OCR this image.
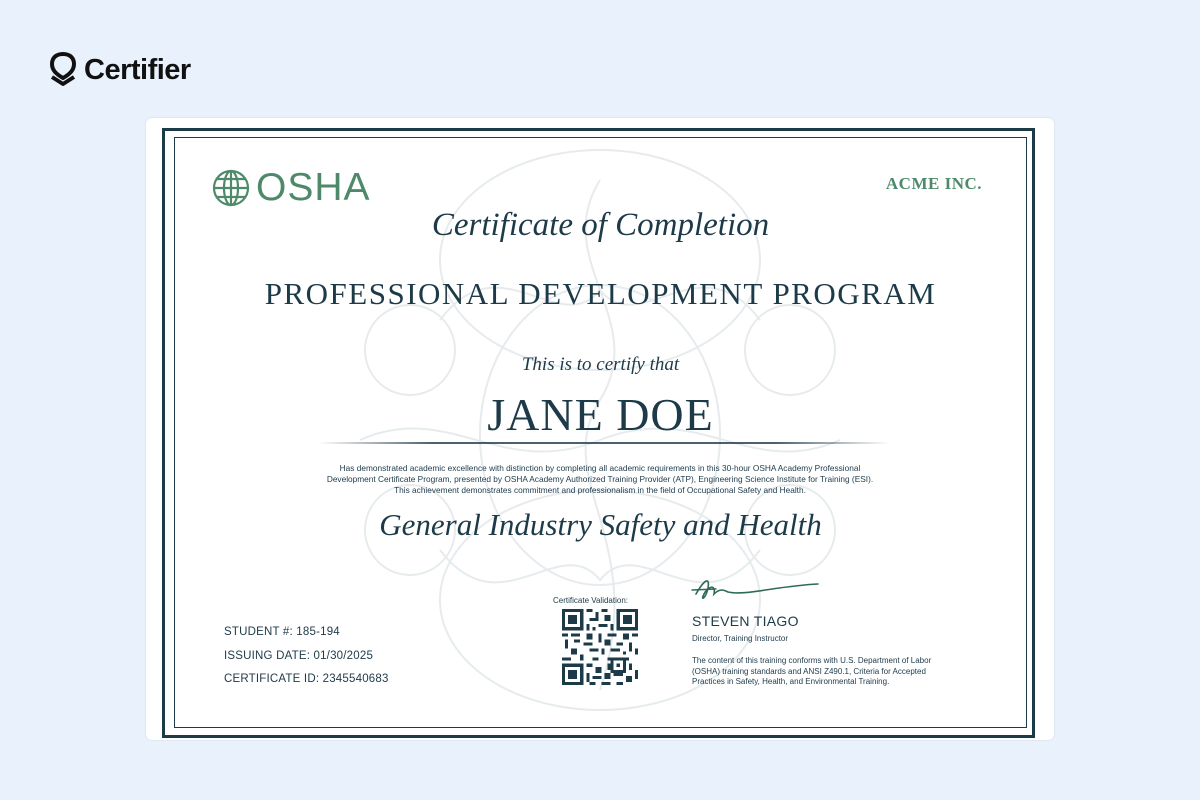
Certifier
OSHA	ACME INC.
Certificate of Completion
PROFESSIONAL DEVELOPMENT PROGRAM
This is to certify that
JANE DOE
Has demonstrated academic excellence with distinction by completing all academic requirements in this 30-hour OSHA Academy Professional
Development Certificate Program, presented by OSHA Academy Authorized Training Provider (ATP), Engineering Science Institute for Training (ESI).
This achievement demonstrates commitment and professionalism in the field of Occupational Safety and Health.
General Industry Safety and Health
STUDENT #: 185-194
ISSUING DATE: 01/30/2025
CERTIFICATE ID: 2345540683
Certificate Validation:
STEVEN TIAGO
Director, Training Instructor
The content of this training conforms with U.S. Department of Labor
(OSHA) training standards and ANSI Z490.1, Criteria for Accepted
Practices in Safety, Health, and Environmental Training.
